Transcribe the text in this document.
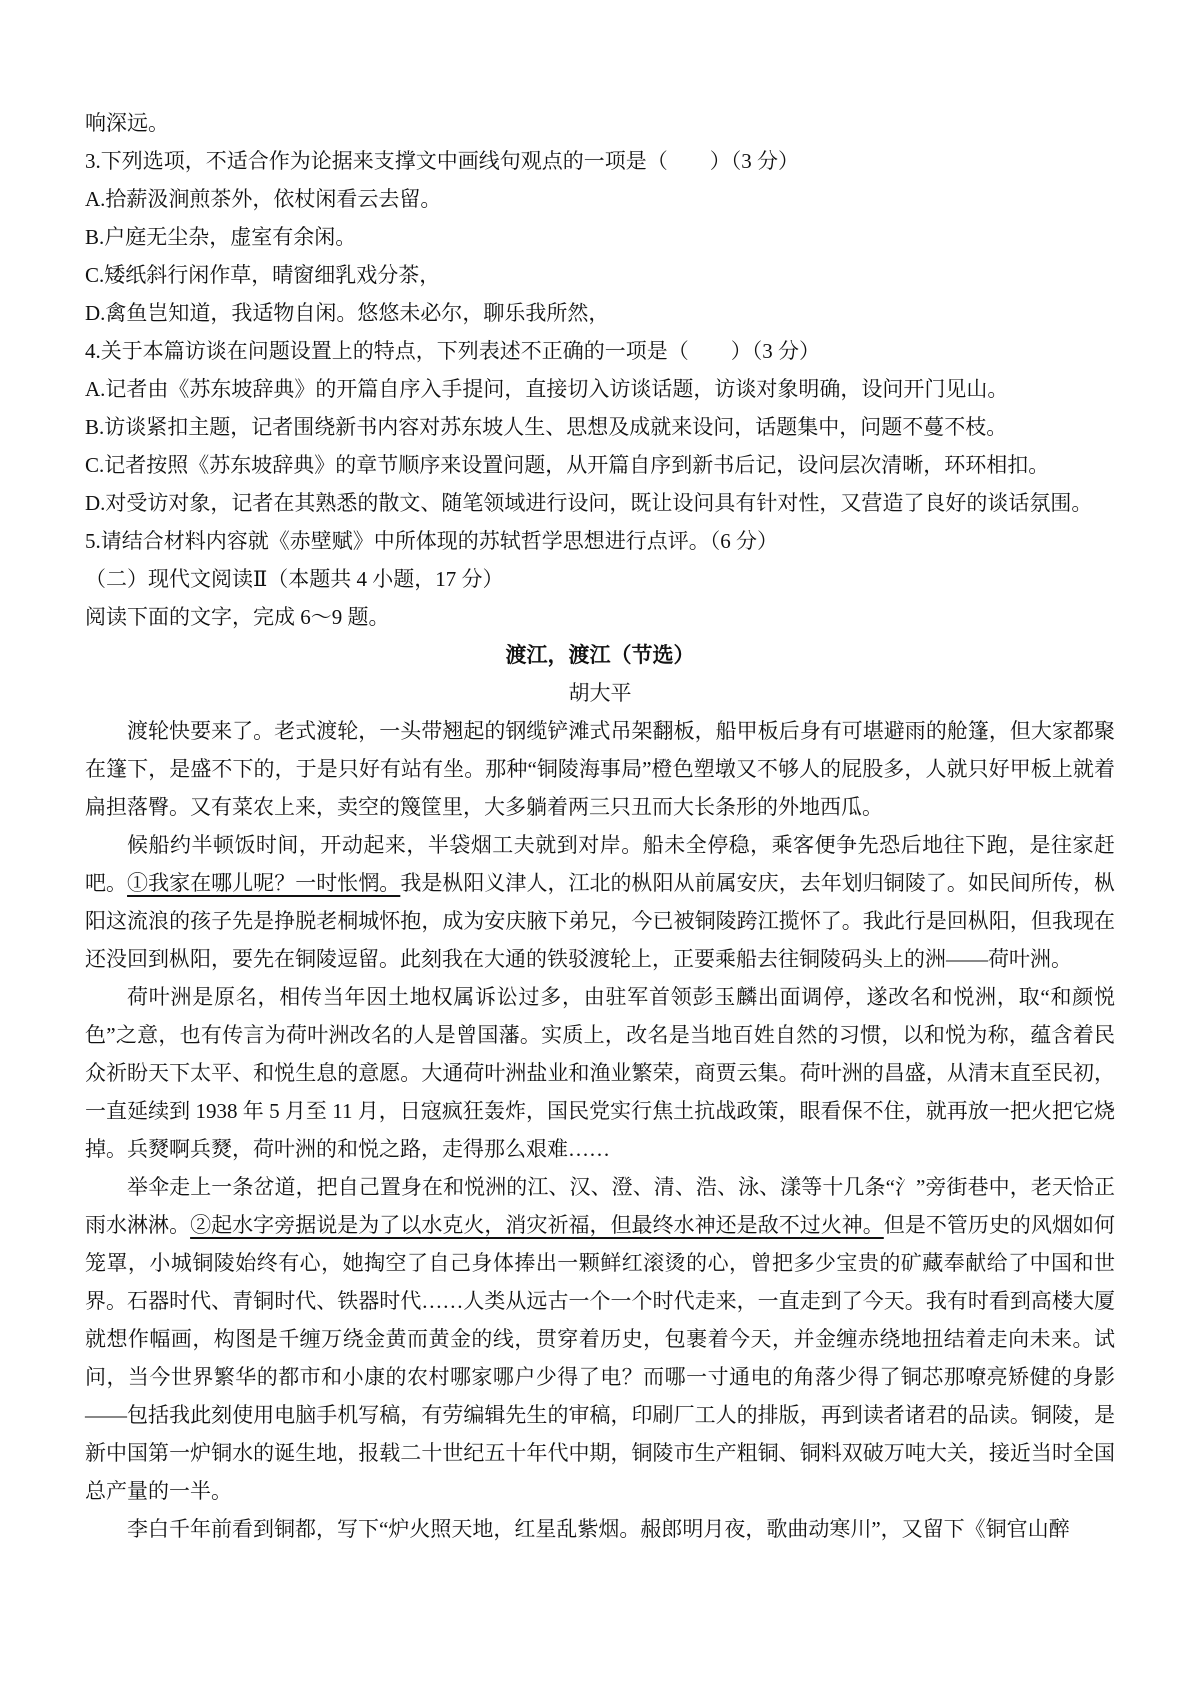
响深远。
3.下列选项，不适合作为论据来支撑文中画线句观点的一项是（　　）（3 分）
A.拾薪汲涧煎茶外，依杖闲看云去留。
B.户庭无尘杂，虚室有余闲。
C.矮纸斜行闲作草，晴窗细乳戏分茶，
D.禽鱼岂知道，我适物自闲。悠悠未必尔，聊乐我所然，
4.关于本篇访谈在问题设置上的特点，下列表述不正确的一项是（　　）（3 分）
A.记者由《苏东坡辞典》的开篇自序入手提问，直接切入访谈话题，访谈对象明确，设问开门见山。
B.访谈紧扣主题，记者围绕新书内容对苏东坡人生、思想及成就来设问，话题集中，问题不蔓不枝。
C.记者按照《苏东坡辞典》的章节顺序来设置问题，从开篇自序到新书后记，设问层次清晰，环环相扣。
D.对受访对象，记者在其熟悉的散文、随笔领域进行设问，既让设问具有针对性，又营造了良好的谈话氛围。
5.请结合材料内容就《赤壁赋》中所体现的苏轼哲学思想进行点评。（6 分）
（二）现代文阅读Ⅱ（本题共 4 小题，17 分）
阅读下面的文字，完成 6～9 题。
渡江，渡江（节选）
胡大平

渡轮快要来了。老式渡轮，一头带翘起的钢缆铲滩式吊架翻板，船甲板后身有可堪避雨的舱篷，但大家都聚在篷下，是盛不下的，于是只好有站有坐。那种“铜陵海事局”橙色塑墩又不够人的屁股多，人就只好甲板上就着扁担落臀。又有菜农上来，卖空的篾筐里，大多躺着两三只丑而大长条形的外地西瓜。

候船约半顿饭时间，开动起来，半袋烟工夫就到对岸。船未全停稳，乘客便争先恐后地往下跑，是往家赶吧。①我家在哪儿呢？一时怅惘。我是枞阳义津人，江北的枞阳从前属安庆，去年划归铜陵了。如民间所传，枞阳这流浪的孩子先是挣脱老桐城怀抱，成为安庆腋下弟兄，今已被铜陵跨江揽怀了。我此行是回枞阳，但我现在还没回到枞阳，要先在铜陵逗留。此刻我在大通的铁驳渡轮上，正要乘船去往铜陵码头上的洲——荷叶洲。

荷叶洲是原名，相传当年因土地权属诉讼过多，由驻军首领彭玉麟出面调停，遂改名和悦洲，取“和颜悦色”之意，也有传言为荷叶洲改名的人是曾国藩。实质上，改名是当地百姓自然的习惯，以和悦为称，蕴含着民众祈盼天下太平、和悦生息的意愿。大通荷叶洲盐业和渔业繁荣，商贾云集。荷叶洲的昌盛，从清末直至民初，一直延续到 1938 年 5 月至 11 月，日寇疯狂轰炸，国民党实行焦土抗战政策，眼看保不住，就再放一把火把它烧掉。兵燹啊兵燹，荷叶洲的和悦之路，走得那么艰难……

举伞走上一条岔道，把自己置身在和悦洲的江、汉、澄、清、浩、泳、漾等十几条“氵”旁街巷中，老天恰正雨水淋淋。②起水字旁据说是为了以水克火，消灾祈福，但最终水神还是敌不过火神。但是不管历史的风烟如何笼罩，小城铜陵始终有心，她掏空了自己身体捧出一颗鲜红滚烫的心，曾把多少宝贵的矿藏奉献给了中国和世界。石器时代、青铜时代、铁器时代……人类从远古一个一个时代走来，一直走到了今天。我有时看到高楼大厦就想作幅画，构图是千缠万绕金黄而黄金的线，贯穿着历史，包裹着今天，并金缠赤绕地扭结着走向未来。试问，当今世界繁华的都市和小康的农村哪家哪户少得了电？而哪一寸通电的角落少得了铜芯那嘹亮矫健的身影——包括我此刻使用电脑手机写稿，有劳编辑先生的审稿，印刷厂工人的排版，再到读者诸君的品读。铜陵，是新中国第一炉铜水的诞生地，报载二十世纪五十年代中期，铜陵市生产粗铜、铜料双破万吨大关，接近当时全国总产量的一半。

李白千年前看到铜都，写下“炉火照天地，红星乱紫烟。赧郎明月夜，歌曲动寒川”，又留下《铜官山醉
